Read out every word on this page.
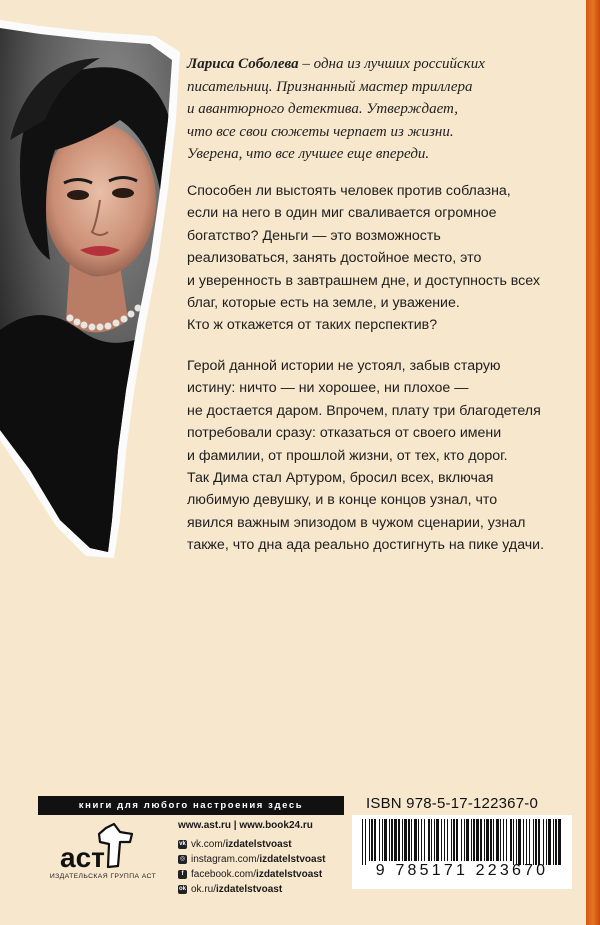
Лариса Соболева – одна из лучших российских
писательниц. Признанный мастер триллера
и авантюрного детектива. Утверждает,
что все свои сюжеты черпает из жизни.
Уверена, что все лучшее еще впереди.

Способен ли выстоять человек против соблазна,
если на него в один миг сваливается огромное
богатство? Деньги — это возможность
реализоваться, занять достойное место, это
и уверенность в завтрашнем дне, и доступность всех
благ, которые есть на земле, и уважение.
Кто ж откажется от таких перспектив?

Герой данной истории не устоял, забыв старую
истину: ничто — ни хорошее, ни плохое —
не достается даром. Впрочем, плату три благодетеля
потребовали сразу: отказаться от своего имени
и фамилии, от прошлой жизни, от тех, кто дорог.
Так Дима стал Артуром, бросил всех, включая
любимую девушку, и в конце концов узнал, что
явился важным эпизодом в чужом сценарии, узнал
также, что дна ада реально достигнуть на пике удачи.

книги для любого настроения здесь
аст
ИЗДАТЕЛЬСКАЯ ГРУППА АСТ
www.ast.ru | www.book24.ru
vk vk.com/ izdatelstvoast
◎ instagram.com/ izdatelstvoast
f facebook.com/ izdatelstvoast
ok ok.ru/ izdatelstvoast
ISBN 978-5-17-122367-0
9 785171 223670
